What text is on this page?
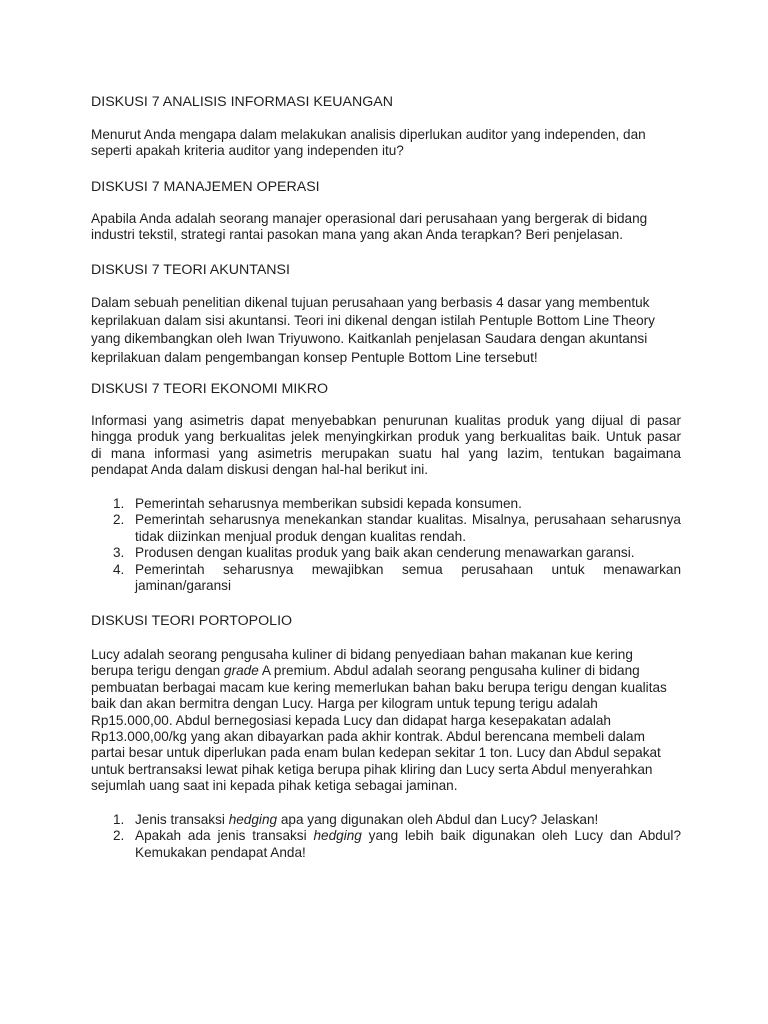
DISKUSI 7 ANALISIS INFORMASI KEUANGAN
Menurut Anda mengapa dalam melakukan analisis diperlukan auditor yang independen, dan
seperti apakah kriteria auditor yang independen itu?
DISKUSI 7 MANAJEMEN OPERASI
Apabila Anda adalah seorang manajer operasional dari perusahaan yang bergerak di bidang
industri tekstil, strategi rantai pasokan mana yang akan Anda terapkan? Beri penjelasan.
DISKUSI 7 TEORI AKUNTANSI
Dalam sebuah penelitian dikenal tujuan perusahaan yang berbasis 4 dasar yang membentuk
keprilakuan dalam sisi akuntansi. Teori ini dikenal dengan istilah Pentuple Bottom Line Theory
yang dikembangkan oleh Iwan Triyuwono. Kaitkanlah penjelasan Saudara dengan akuntansi
keprilakuan dalam pengembangan konsep Pentuple Bottom Line tersebut!
DISKUSI 7 TEORI EKONOMI MIKRO
Informasi yang asimetris dapat menyebabkan penurunan kualitas produk yang dijual di pasar
hingga produk yang berkualitas jelek menyingkirkan produk yang berkualitas baik. Untuk pasar
di mana informasi yang asimetris merupakan suatu hal yang lazim, tentukan bagaimana
pendapat Anda dalam diskusi dengan hal-hal berikut ini.
1. Pemerintah seharusnya memberikan subsidi kepada konsumen.
2. Pemerintah seharusnya menekankan standar kualitas. Misalnya, perusahaan seharusnya tidak diizinkan menjual produk dengan kualitas rendah.
3. Produsen dengan kualitas produk yang baik akan cenderung menawarkan garansi.
4. Pemerintah seharusnya mewajibkan semua perusahaan untuk menawarkan jaminan/garansi
DISKUSI TEORI PORTOPOLIO
Lucy adalah seorang pengusaha kuliner di bidang penyediaan bahan makanan kue kering
berupa terigu dengan grade A premium. Abdul adalah seorang pengusaha kuliner di bidang
pembuatan berbagai macam kue kering memerlukan bahan baku berupa terigu dengan kualitas
baik dan akan bermitra dengan Lucy. Harga per kilogram untuk tepung terigu adalah
Rp15.000,00. Abdul bernegosiasi kepada Lucy dan didapat harga kesepakatan adalah
Rp13.000,00/kg yang akan dibayarkan pada akhir kontrak. Abdul berencana membeli dalam
partai besar untuk diperlukan pada enam bulan kedepan sekitar 1 ton. Lucy dan Abdul sepakat
untuk bertransaksi lewat pihak ketiga berupa pihak kliring dan Lucy serta Abdul menyerahkan
sejumlah uang saat ini kepada pihak ketiga sebagai jaminan.
1. Jenis transaksi hedging apa yang digunakan oleh Abdul dan Lucy? Jelaskan!
2. Apakah ada jenis transaksi hedging yang lebih baik digunakan oleh Lucy dan Abdul? Kemukakan pendapat Anda!
